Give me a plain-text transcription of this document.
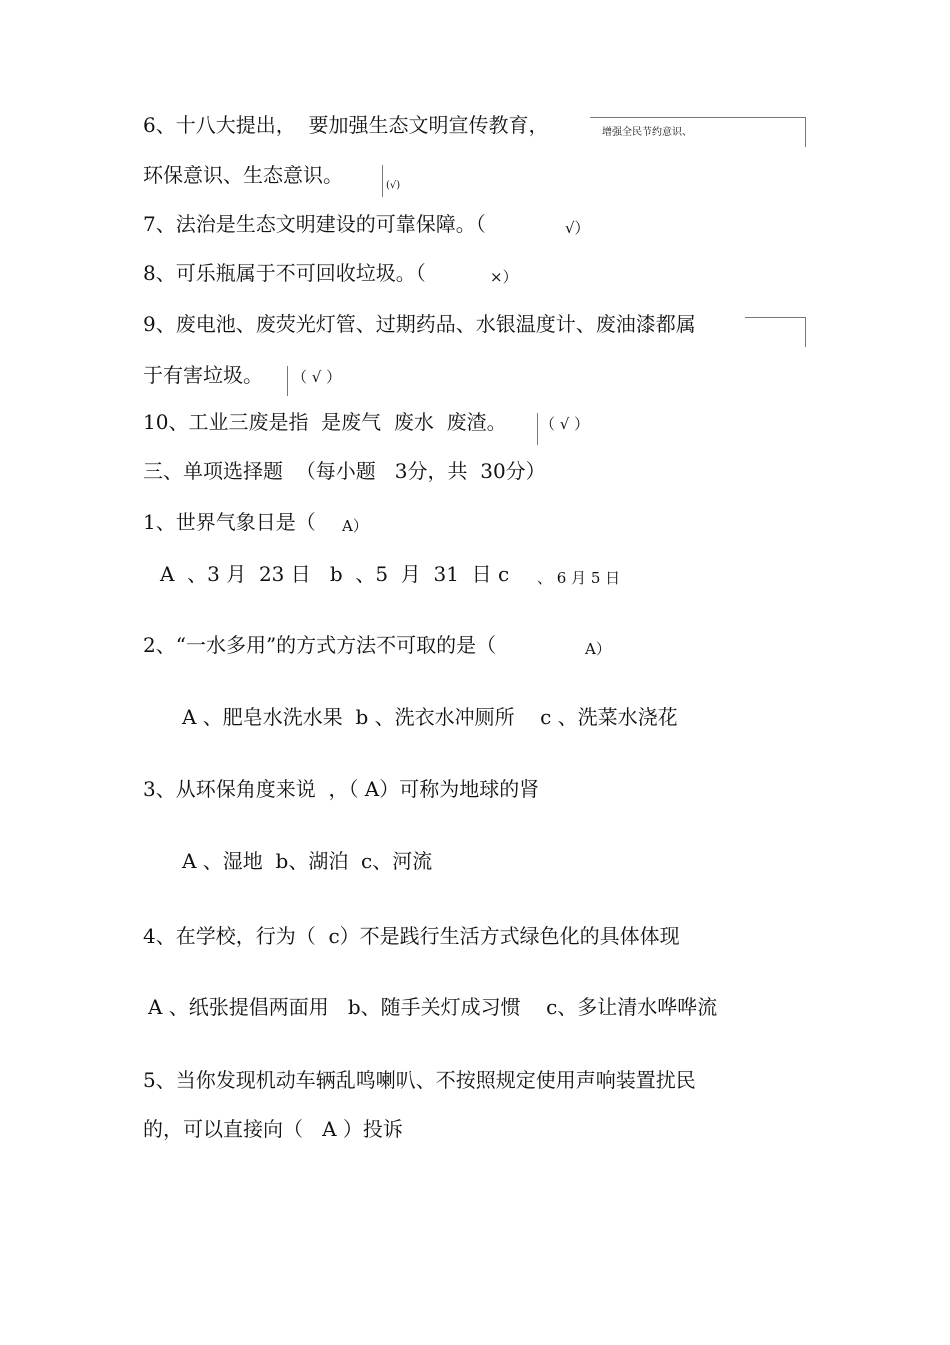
6、十八大提出，  要加强生态文明宣传教育，	增强全民节约意识、
环保意识、生态意识。	(√)
7、法治是生态文明建设的可靠保障。（	√）
8、可乐瓶属于不可回收垃圾。（	×）
9、废电池、废荧光灯管、过期药品、水银温度计、废油漆都属
于有害垃圾。 （ √ ）
10、工业三废是指  是废气  废水  废渣。 （ √ ）
三、单项选择题  （每小题   3分，共  30分）
1、世界气象日是（ A）
A  、3 月  23 日   b  、5  月  31  日 c 、 6 月 5 日
2、“一水多用”的方式方法不可取的是（	A）
A 、肥皂水洗水果  b 、洗衣水冲厕所    c 、洗菜水浇花
3、从环保角度来说  ，（ A）可称为地球的肾
A 、湿地  b、湖泊  c、河流
4、在学校，行为（  c）不是践行生活方式绿色化的具体体现
A 、纸张提倡两面用   b、随手关灯成习惯    c、多让清水哗哗流
5、当你发现机动车辆乱鸣喇叭、不按照规定使用声响装置扰民
的，可以直接向（   A ）投诉
